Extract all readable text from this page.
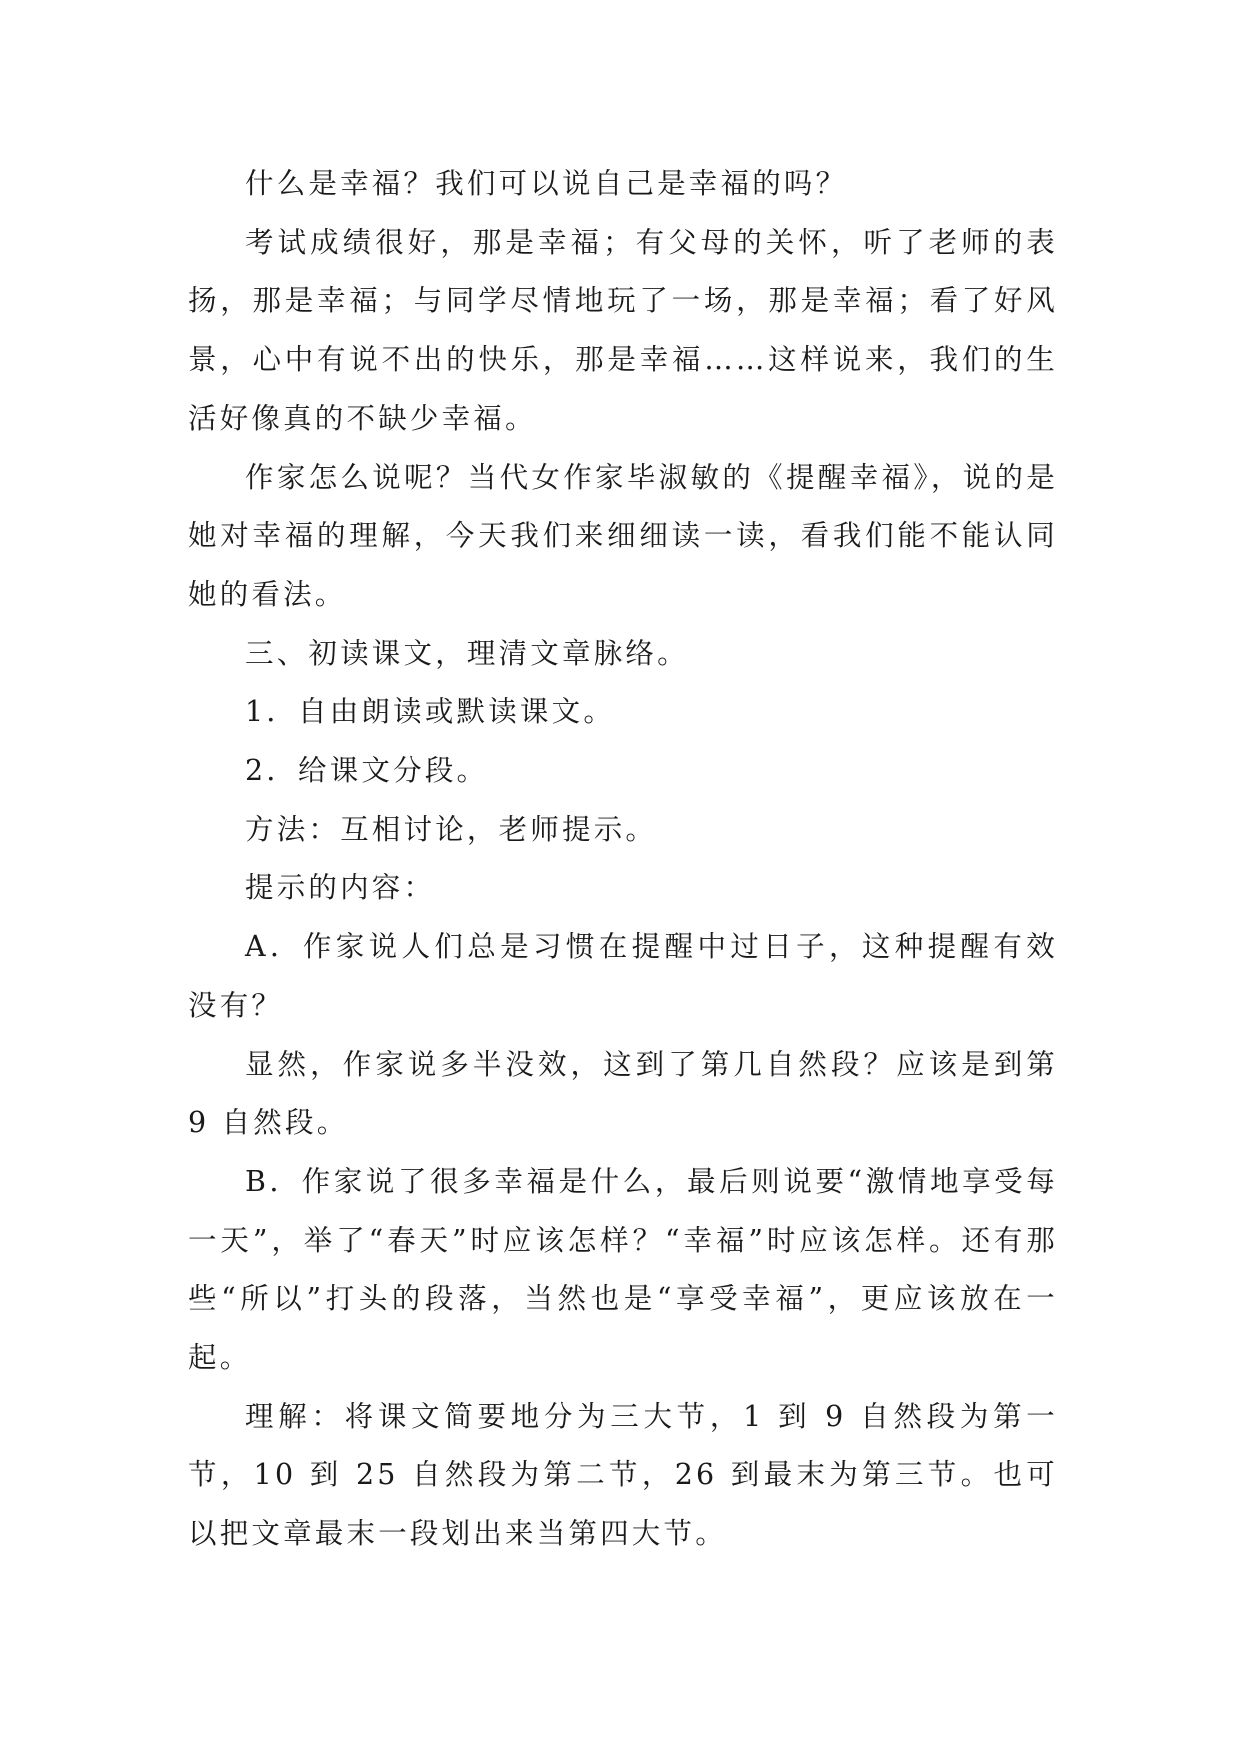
什么是幸福？我们可以说自己是幸福的吗？

考试成绩很好，那是幸福；有父母的关怀，听了老师的表扬，那是幸福；与同学尽情地玩了一场，那是幸福；看了好风景，心中有说不出的快乐，那是幸福……这样说来，我们的生活好像真的不缺少幸福。

作家怎么说呢？当代女作家毕淑敏的《提醒幸福》，说的是她对幸福的理解，今天我们来细细读一读，看我们能不能认同她的看法。

三、初读课文，理清文章脉络。

1．自由朗读或默读课文。

2．给课文分段。

方法：互相讨论，老师提示。

提示的内容：

A．作家说人们总是习惯在提醒中过日子，这种提醒有效没有？

显然，作家说多半没效，这到了第几自然段？应该是到第 9 自然段。

B．作家说了很多幸福是什么，最后则说要“激情地享受每一天”，举了“春天”时应该怎样？“幸福”时应该怎样。还有那些“所以”打头的段落，当然也是“享受幸福”，更应该放在一起。

理解：将课文简要地分为三大节，1 到 9 自然段为第一节，10 到 25 自然段为第二节，26 到最末为第三节。也可以把文章最末一段划出来当第四大节。
